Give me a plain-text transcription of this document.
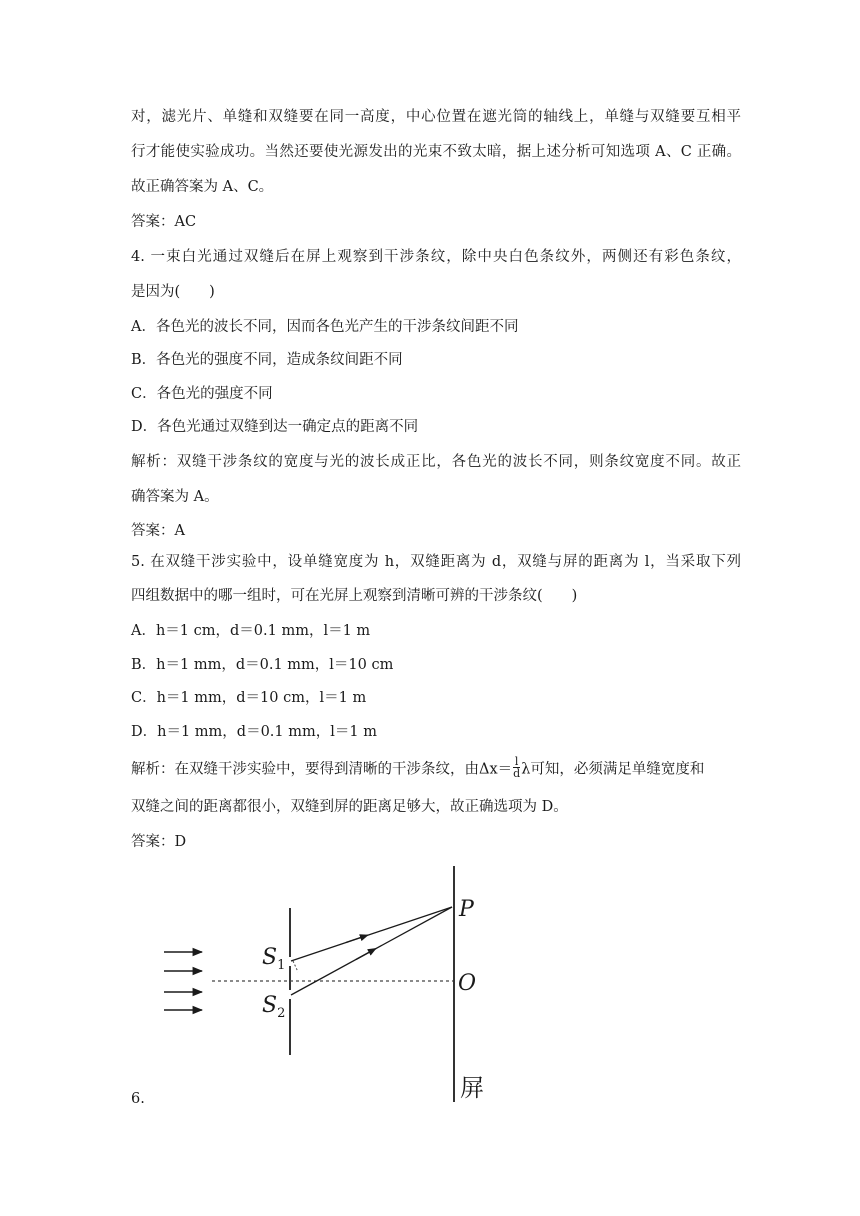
对，滤光片、单缝和双缝要在同一高度，中心位置在遮光筒的轴线上，单缝与双缝要互相平
行才能使实验成功。当然还要使光源发出的光束不致太暗，据上述分析可知选项 A、C 正确。
故正确答案为 A、C。
答案：AC
4. 一束白光通过双缝后在屏上观察到干涉条纹，除中央白色条纹外，两侧还有彩色条纹，
是因为(　　)
A．各色光的波长不同，因而各色光产生的干涉条纹间距不同
B．各色光的强度不同，造成条纹间距不同
C．各色光的强度不同
D．各色光通过双缝到达一确定点的距离不同
解析：双缝干涉条纹的宽度与光的波长成正比，各色光的波长不同，则条纹宽度不同。故正
确答案为 A。
答案：A
5. 在双缝干涉实验中，设单缝宽度为 h，双缝距离为 d，双缝与屏的距离为 l，当采取下列
四组数据中的哪一组时，可在光屏上观察到清晰可辨的干涉条纹(　　)
A．h＝1 cm，d＝0.1 mm，l＝1 m
B．h＝1 mm，d＝0.1 mm，l＝10 cm
C．h＝1 mm，d＝10 cm，l＝1 m
D．h＝1 mm，d＝0.1 mm，l＝1 m
解析：在双缝干涉实验中，要得到清晰的干涉条纹，由$\Delta x= \frac{l}{d}$ λ可知，必须满足单缝宽度和
双缝之间的距离都很小，双缝到屏的距离足够大，故正确选项为 D。
答案：D
$S_1$
$S_2$
P
O
屏
6.
